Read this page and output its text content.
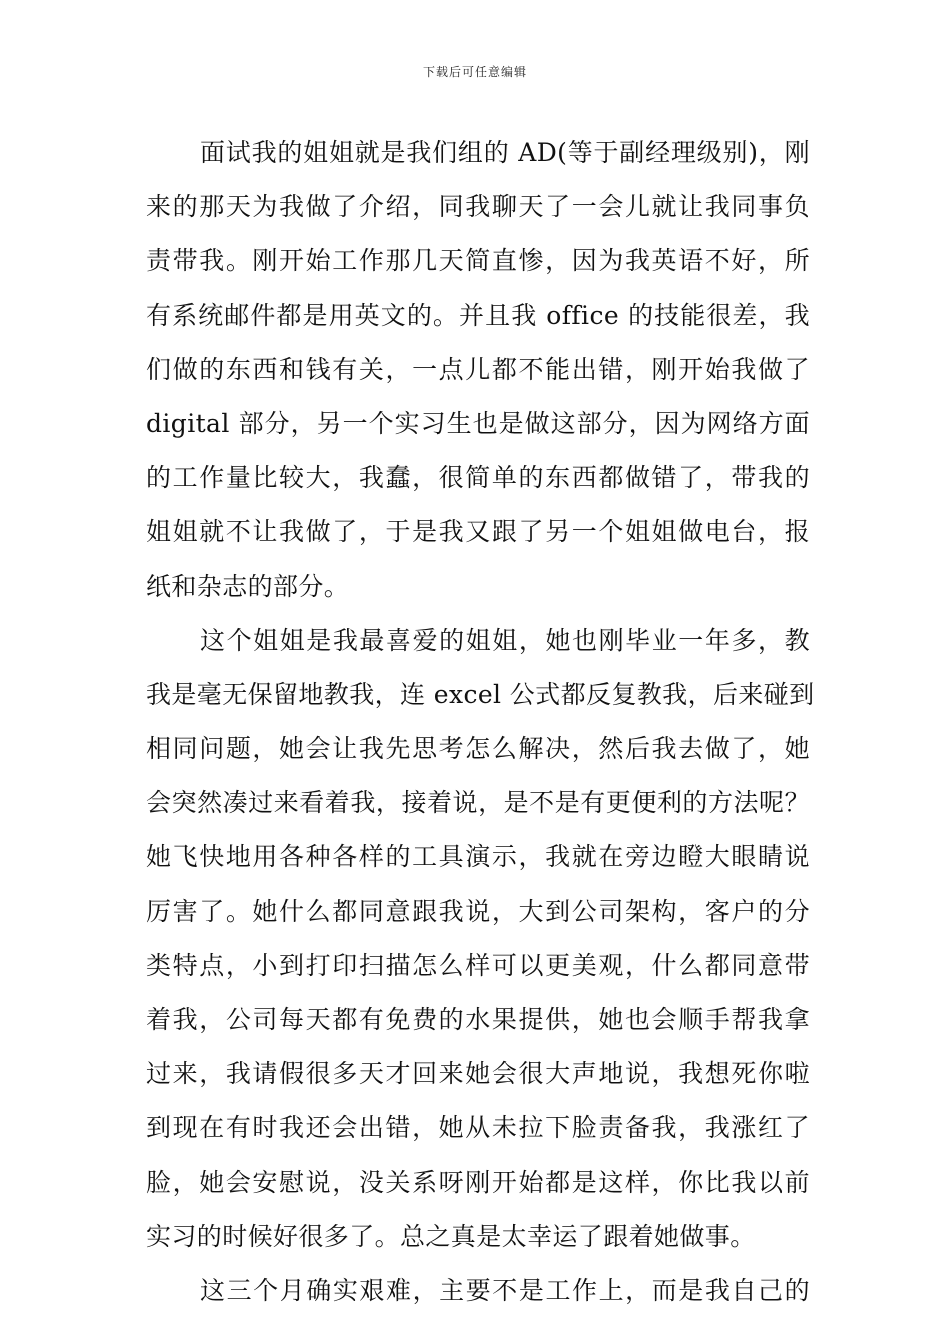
下载后可任意编辑
面试我的姐姐就是我们组的 AD(等于副经理级别)，刚
来的那天为我做了介绍，同我聊天了一会儿就让我同事负
责带我。刚开始工作那几天简直惨，因为我英语不好，所
有系统邮件都是用英文的。并且我 office 的技能很差，我
们做的东西和钱有关，一点儿都不能出错，刚开始我做了
digital 部分，另一个实习生也是做这部分，因为网络方面
的工作量比较大，我蠢，很简单的东西都做错了，带我的
姐姐就不让我做了，于是我又跟了另一个姐姐做电台，报
纸和杂志的部分。
这个姐姐是我最喜爱的姐姐，她也刚毕业一年多，教
我是毫无保留地教我，连 excel 公式都反复教我，后来碰到
相同问题，她会让我先思考怎么解决，然后我去做了，她
会突然凑过来看着我，接着说，是不是有更便利的方法呢？
她飞快地用各种各样的工具演示，我就在旁边瞪大眼睛说
厉害了。她什么都同意跟我说，大到公司架构，客户的分
类特点，小到打印扫描怎么样可以更美观，什么都同意带
着我，公司每天都有免费的水果提供，她也会顺手帮我拿
过来，我请假很多天才回来她会很大声地说，我想死你啦
到现在有时我还会出错，她从未拉下脸责备我，我涨红了
脸，她会安慰说，没关系呀刚开始都是这样，你比我以前
实习的时候好很多了。总之真是太幸运了跟着她做事。
这三个月确实艰难，主要不是工作上，而是我自己的
